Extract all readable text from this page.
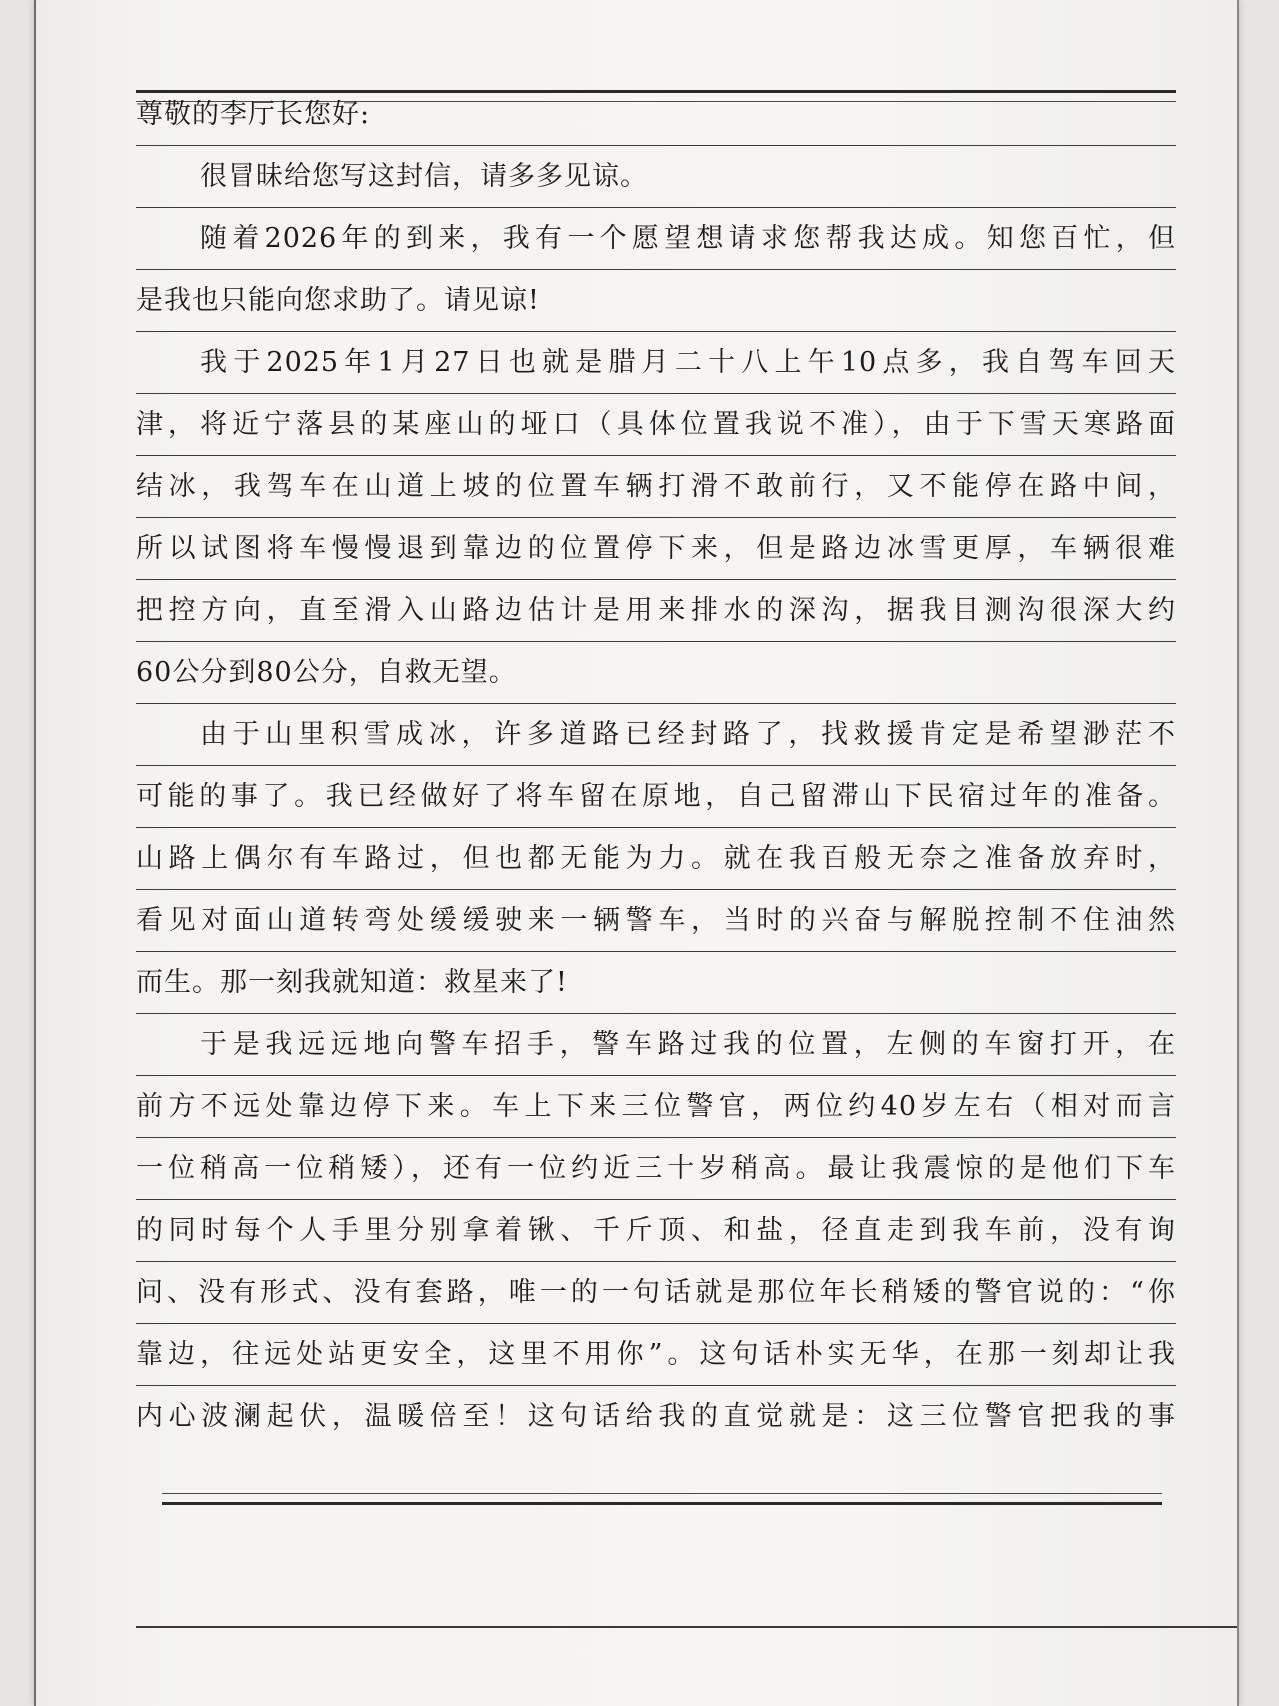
尊敬的李厅长您好:
很冒昧给您写这封信，请多多见谅。
随着2026年的到来，我有一个愿望想请求您帮我达成。知您百忙，但
是我也只能向您求助了。请见谅!
我于2025年1月27日也就是腊月二十八上午10点多，我自驾车回天
津，将近宁落县的某座山的垭口（具体位置我说不准），由于下雪天寒路面
结冰，我驾车在山道上坡的位置车辆打滑不敢前行，又不能停在路中间，
所以试图将车慢慢退到靠边的位置停下来，但是路边冰雪更厚，车辆很难
把控方向，直至滑入山路边估计是用来排水的深沟，据我目测沟很深大约
60公分到80公分，自救无望。
由于山里积雪成冰，许多道路已经封路了，找救援肯定是希望渺茫不
可能的事了。我已经做好了将车留在原地，自己留滞山下民宿过年的准备。
山路上偶尔有车路过，但也都无能为力。就在我百般无奈之准备放弃时，
看见对面山道转弯处缓缓驶来一辆警车，当时的兴奋与解脱控制不住油然
而生。那一刻我就知道：救星来了!
于是我远远地向警车招手，警车路过我的位置，左侧的车窗打开，在
前方不远处靠边停下来。车上下来三位警官，两位约40岁左右（相对而言
一位稍高一位稍矮），还有一位约近三十岁稍高。最让我震惊的是他们下车
的同时每个人手里分别拿着锹、千斤顶、和盐，径直走到我车前，没有询
问、没有形式、没有套路，唯一的一句话就是那位年长稍矮的警官说的：“你
靠边，往远处站更安全，这里不用你”。这句话朴实无华，在那一刻却让我
内心波澜起伏，温暖倍至！这句话给我的直觉就是：这三位警官把我的事
